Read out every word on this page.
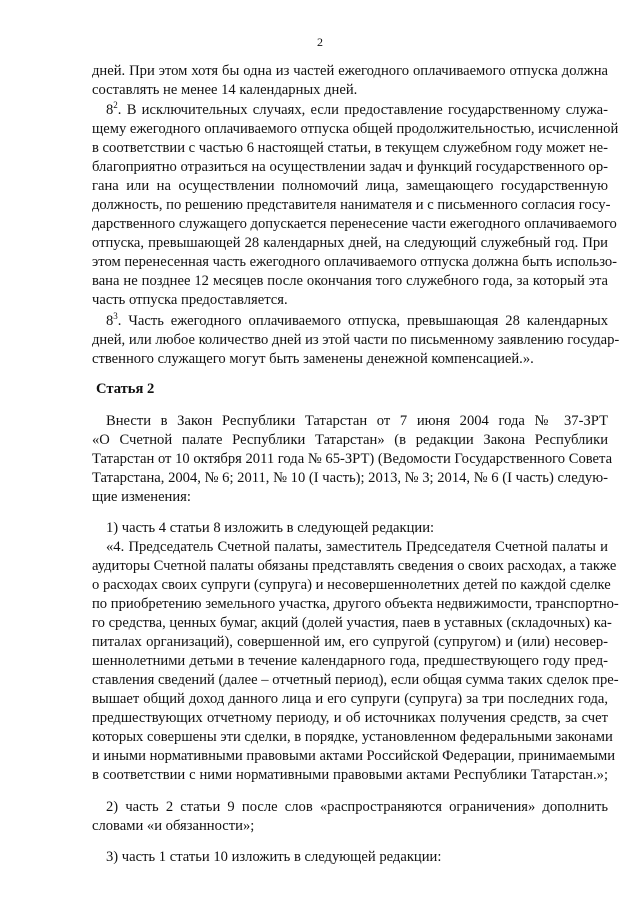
2
дней. При этом хотя бы одна из частей ежегодного оплачиваемого отпуска должна
составлять не менее 14 календарных дней.
$8^2$. В исключительных случаях, если предоставление государственному служа-
щему ежегодного оплачиваемого отпуска общей продолжительностью, исчисленной
в соответствии с частью 6 настоящей статьи, в текущем служебном году может не-
благоприятно отразиться на осуществлении задач и функций государственного ор-
гана или на осуществлении полномочий лица, замещающего государственную
должность, по решению представителя нанимателя и с письменного согласия госу-
дарственного служащего допускается перенесение части ежегодного оплачиваемого
отпуска, превышающей 28 календарных дней, на следующий служебный год. При
этом перенесенная часть ежегодного оплачиваемого отпуска должна быть использо-
вана не позднее 12 месяцев после окончания того служебного года, за который эта
часть отпуска предоставляется.
$8^3$. Часть ежегодного оплачиваемого отпуска, превышающая 28 календарных
дней, или любое количество дней из этой части по письменному заявлению государ-
ственного служащего могут быть заменены денежной компенсацией.».
Статья 2
Внести в Закон Республики Татарстан от 7 июня 2004 года № 37-ЗРТ
«О Счетной палате Республики Татарстан» (в редакции Закона Республики
Татарстан от 10 октября 2011 года № 65-ЗРТ) (Ведомости Государственного Совета
Татарстана, 2004, № 6; 2011, № 10 (I часть); 2013, № 3; 2014, № 6 (I часть) следую-
щие изменения:
1) часть 4 статьи 8 изложить в следующей редакции:
«4. Председатель Счетной палаты, заместитель Председателя Счетной палаты и
аудиторы Счетной палаты обязаны представлять сведения о своих расходах, а также
о расходах своих супруги (супруга) и несовершеннолетних детей по каждой сделке
по приобретению земельного участка, другого объекта недвижимости, транспортно-
го средства, ценных бумаг, акций (долей участия, паев в уставных (складочных) ка-
питалах организаций), совершенной им, его супругой (супругом) и (или) несовер-
шеннолетними детьми в течение календарного года, предшествующего году пред-
ставления сведений (далее – отчетный период), если общая сумма таких сделок пре-
вышает общий доход данного лица и его супруги (супруга) за три последних года,
предшествующих отчетному периоду, и об источниках получения средств, за счет
которых совершены эти сделки, в порядке, установленном федеральными законами
и иными нормативными правовыми актами Российской Федерации, принимаемыми
в соответствии с ними нормативными правовыми актами Республики Татарстан.»;
2) часть 2 статьи 9 после слов «распространяются ограничения» дополнить
словами «и обязанности»;
3) часть 1 статьи 10 изложить в следующей редакции:
